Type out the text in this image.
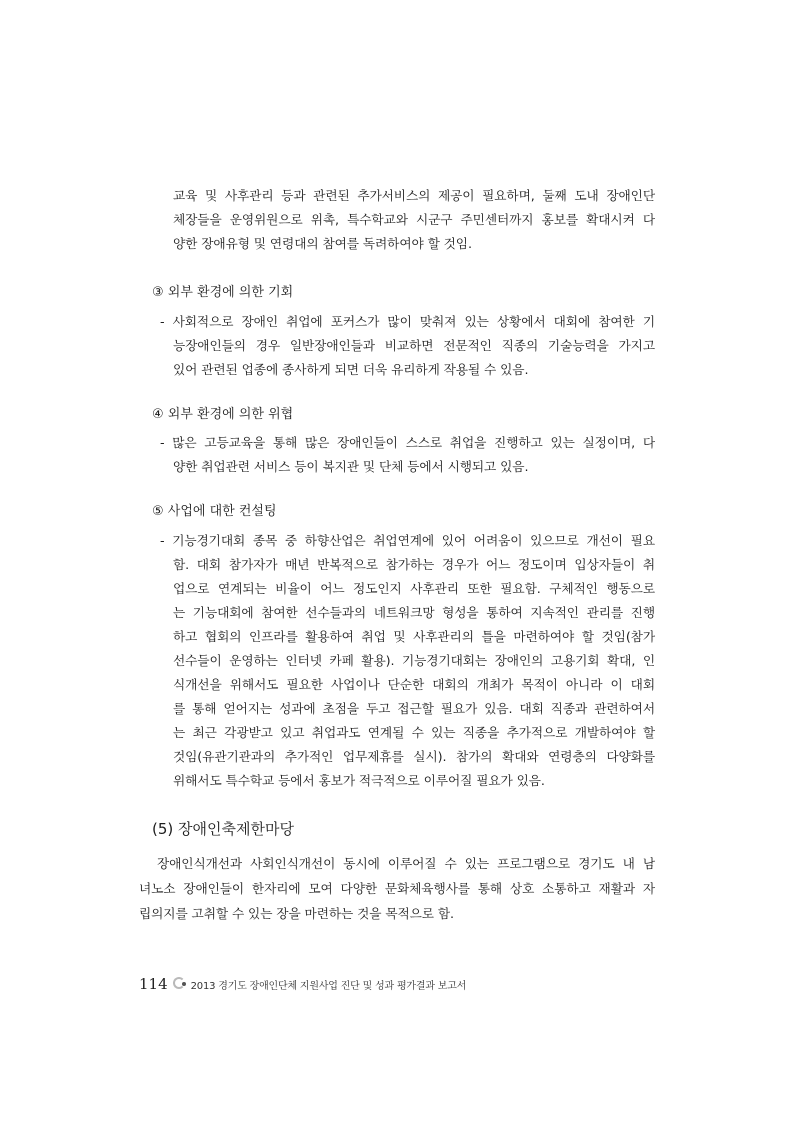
교육 및 사후관리 등과 관련된 추가서비스의 제공이 필요하며, 둘째 도내 장애인단
체장들을 운영위원으로 위촉, 특수학교와 시군구 주민센터까지 홍보를 확대시켜 다
양한 장애유형 및 연령대의 참여를 독려하여야 할 것임.
③ 외부 환경에 의한 기회
- 사회적으로 장애인 취업에 포커스가 많이 맞춰져 있는 상황에서 대회에 참여한 기
능장애인들의 경우 일반장애인들과 비교하면 전문적인 직종의 기술능력을 가지고
있어 관련된 업종에 종사하게 되면 더욱 유리하게 작용될 수 있음.
④ 외부 환경에 의한 위협
- 많은 고등교육을 통해 많은 장애인들이 스스로 취업을 진행하고 있는 실정이며, 다
양한 취업관련 서비스 등이 복지관 및 단체 등에서 시행되고 있음.
⑤ 사업에 대한 컨설팅
- 기능경기대회 종목 중 하향산업은 취업연계에 있어 어려움이 있으므로 개선이 필요
함. 대회 참가자가 매년 반복적으로 참가하는 경우가 어느 정도이며 입상자들이 취
업으로 연계되는 비율이 어느 정도인지 사후관리 또한 필요함. 구체적인 행동으로
는 기능대회에 참여한 선수들과의 네트워크망 형성을 통하여 지속적인 관리를 진행
하고 협회의 인프라를 활용하여 취업 및 사후관리의 틀을 마련하여야 할 것임(참가
선수들이 운영하는 인터넷 카페 활용). 기능경기대회는 장애인의 고용기회 확대, 인
식개선을 위해서도 필요한 사업이나 단순한 대회의 개최가 목적이 아니라 이 대회
를 통해 얻어지는 성과에 초점을 두고 접근할 필요가 있음. 대회 직종과 관련하여서
는 최근 각광받고 있고 취업과도 연계될 수 있는 직종을 추가적으로 개발하여야 할
것임(유관기관과의 추가적인 업무제휴를 실시). 참가의 확대와 연령층의 다양화를
위해서도 특수학교 등에서 홍보가 적극적으로 이루어질 필요가 있음.
(5) 장애인축제한마당
장애인식개선과 사회인식개선이 동시에 이루어질 수 있는 프로그램으로 경기도 내 남
녀노소 장애인들이 한자리에 모여 다양한 문화체육행사를 통해 상호 소통하고 재활과 자
립의지를 고취할 수 있는 장을 마련하는 것을 목적으로 함.
114 2013 경기도 장애인단체 지원사업 진단 및 성과 평가결과 보고서
